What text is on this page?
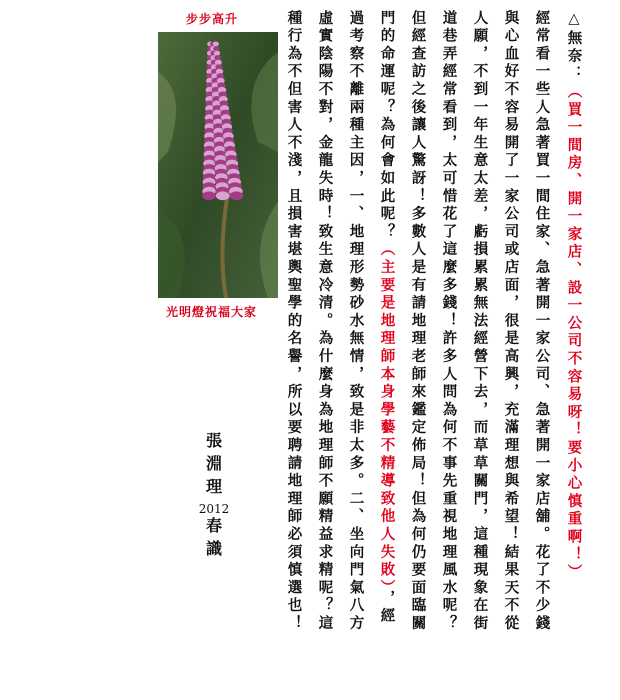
步步高升
光明燈祝福大家
△無奈：（買一間房、開一家店、設一公司不容易呀！要小心慎重啊！）
經常看一些人急著買一間住家、急著開一家公司、急著開一家店舖。花了不少錢
與心血好不容易開了一家公司或店面，很是高興，充滿理想與希望！結果天不從
人願，不到一年生意太差，虧損累累無法經營下去，而草草關門，這種現象在街
道巷弄經常看到，太可惜花了這麼多錢！許多人問為何不事先重視地理風水呢？
但經查訪之後讓人驚訝！多數人是有請地理老師來鑑定佈局！但為何仍要面臨關
門的命運呢？為何會如此呢？（主要是地理師本身學藝不精導致他人失敗），經
過考察不離兩種主因，一、地理形勢砂水無情，致是非太多。二、坐向門氣八方
虛實陰陽不對，金龍失時！致生意冷清。為什麼身為地理師不願精益求精呢？這
種行為不但害人不淺，且損害堪輿聖學的名譽，所以要聘請地理師必須慎選也！
張
淵
理
2012
春
識
